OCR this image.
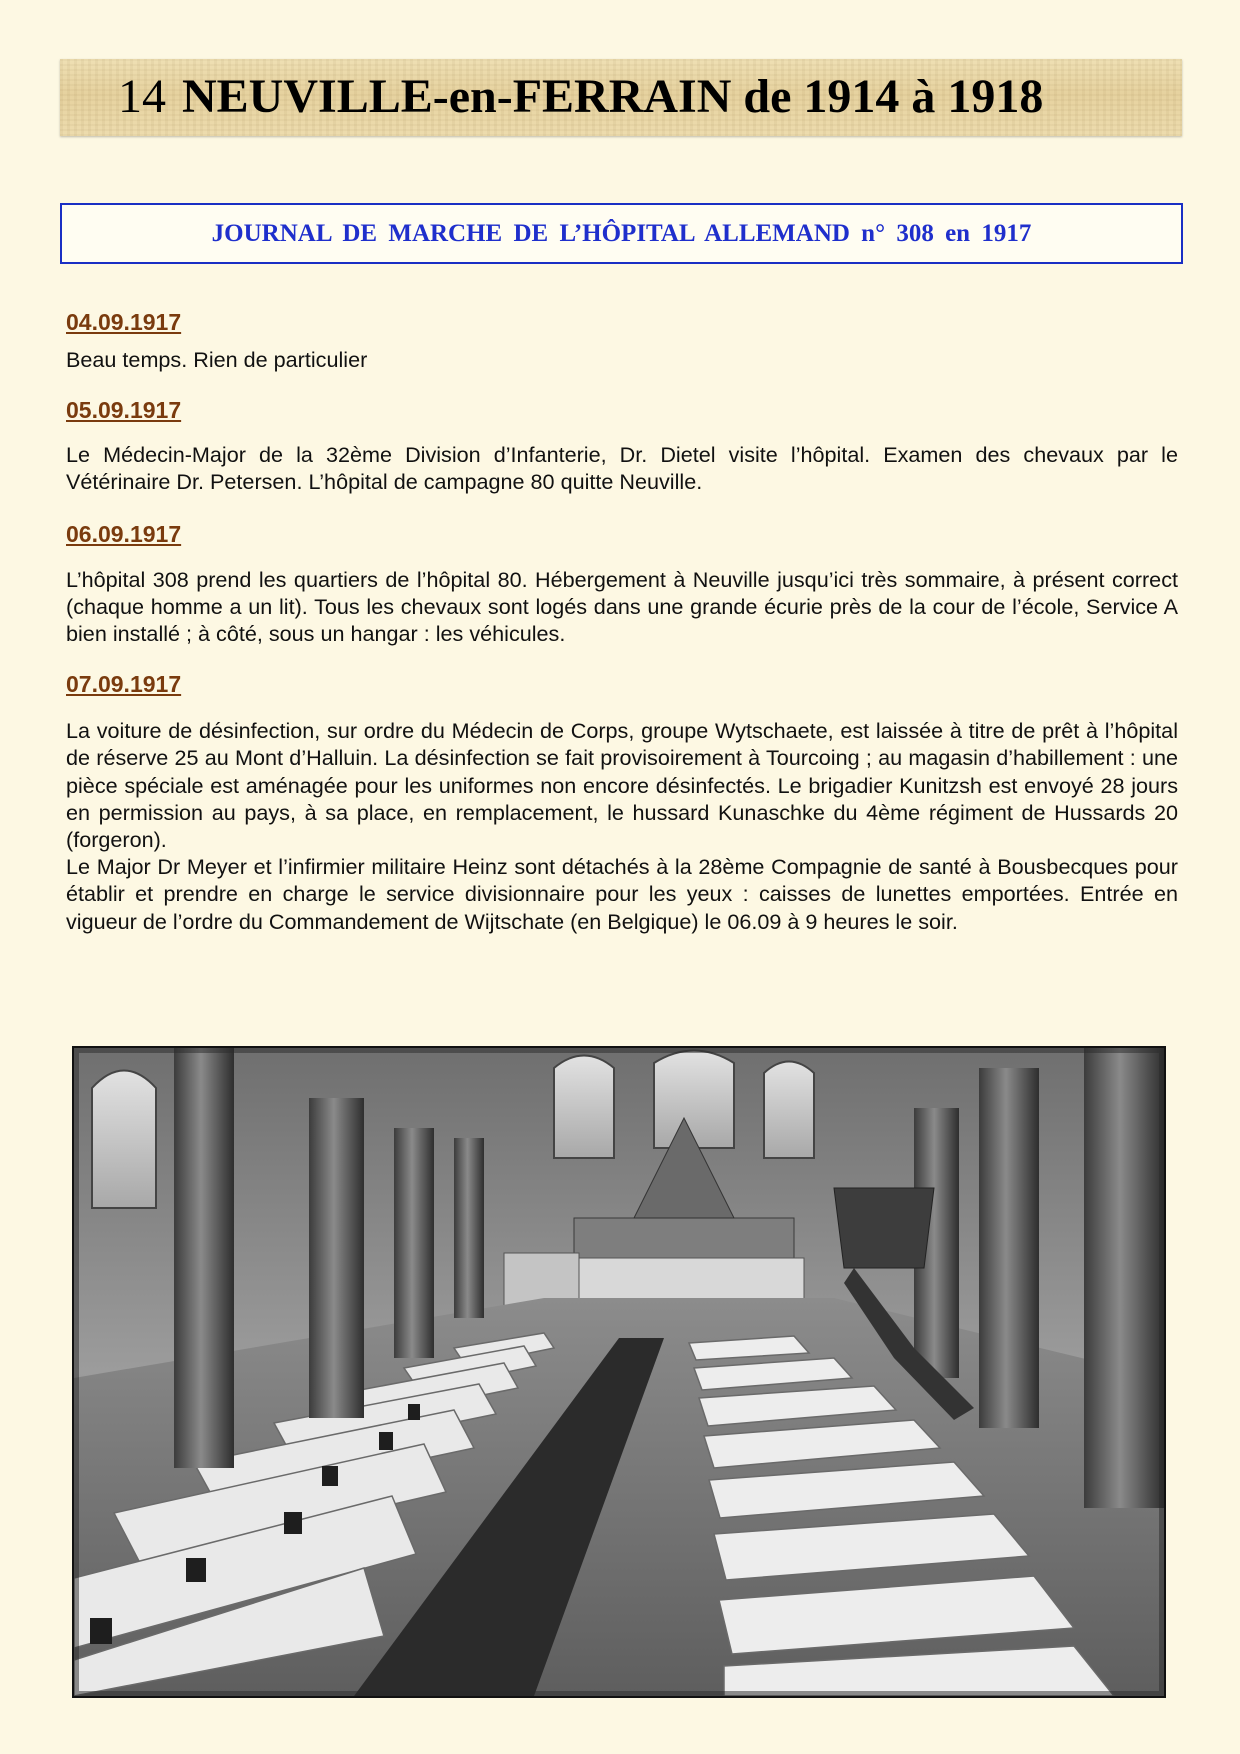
14 NEUVILLE-en-FERRAIN de 1914 à 1918
JOURNAL DE MARCHE DE L’HÔPITAL ALLEMAND n° 308 en 1917

04.09.1917

Beau temps. Rien de particulier

05.09.1917

Le Médecin-Major de la 32ème Division d’Infanterie, Dr. Dietel visite l’hôpital. Examen des chevaux par le Vétérinaire Dr. Petersen. L’hôpital de campagne 80 quitte Neuville.

06.09.1917

L’hôpital 308 prend les quartiers de l’hôpital 80. Hébergement à Neuville jusqu’ici très sommaire, à présent correct (chaque homme a un lit). Tous les chevaux sont logés dans une grande écurie près de la cour de l’école, Service A bien installé ; à côté, sous un hangar : les véhicules.

07.09.1917

La voiture de désinfection, sur ordre du Médecin de Corps, groupe Wytschaete, est laissée à titre de prêt à l’hôpital de réserve 25 au Mont d’Halluin. La désinfection se fait provisoirement à Tourcoing ; au magasin d’habillement : une pièce spéciale est aménagée pour les uniformes non encore désinfectés. Le brigadier Kunitzsh est envoyé 28 jours en permission au pays, à sa place, en remplacement, le hussard Kunaschke du 4ème régiment de Hussards 20 (forgeron).

Le Major Dr Meyer et l’infirmier militaire Heinz sont détachés à la 28ème Compagnie de santé à Bousbecques pour établir et prendre en charge le service divisionnaire pour les yeux : caisses de lunettes emportées. Entrée en vigueur de l’ordre du Commandement de Wijtschate (en Belgique) le 06.09 à 9 heures le soir.
